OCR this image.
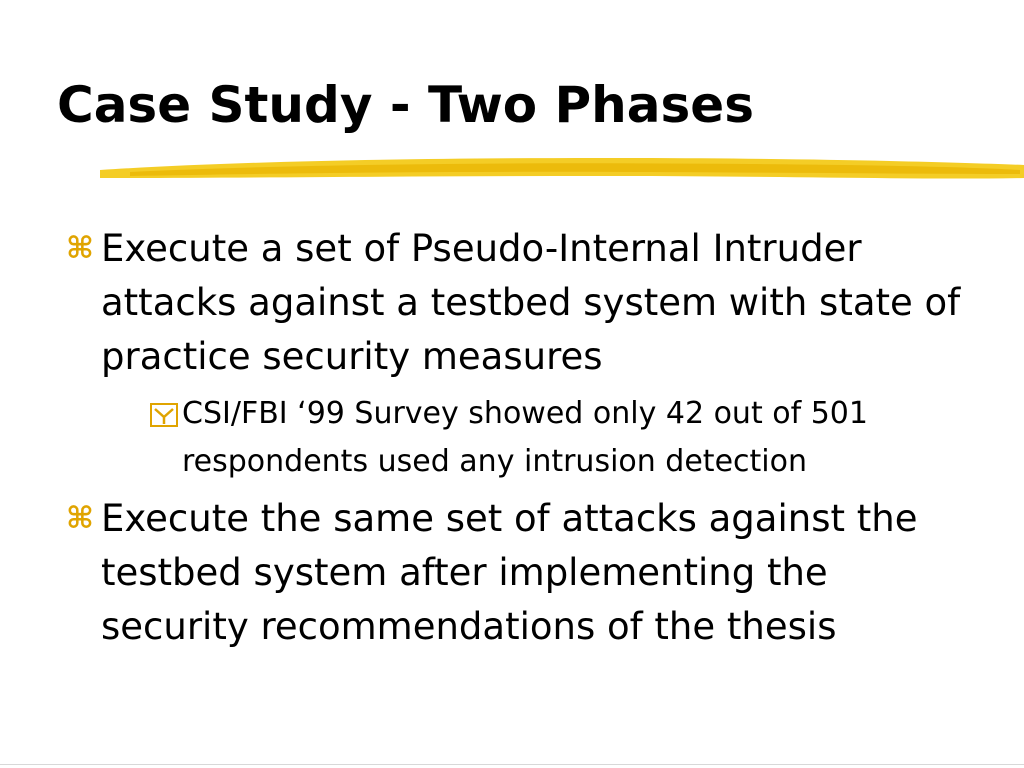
Case Study - Two Phases
⌘ Execute a set of Pseudo-Internal Intruder attacks against a testbed system with state of practice security measures
CSI/FBI ‘99 Survey showed only 42 out of 501 respondents used any intrusion detection
⌘ Execute the same set of attacks against the testbed system after implementing the security recommendations of the thesis
